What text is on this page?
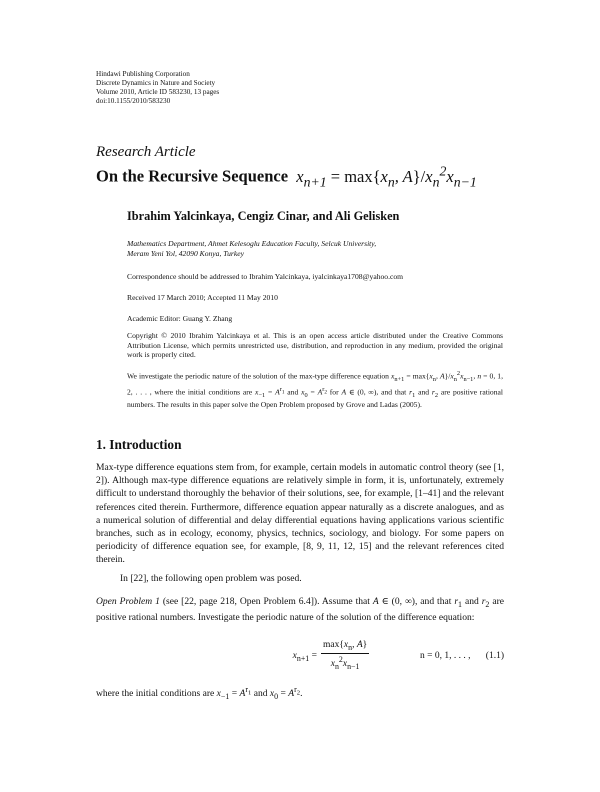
Hindawi Publishing Corporation
Discrete Dynamics in Nature and Society
Volume 2010, Article ID 583230, 13 pages
doi:10.1155/2010/583230
Research Article
On the Recursive Sequence  $x_{n+1} = \max\{x_n$, $A\}/x_n^2x_{n-1}$
Ibrahim Yalcinkaya, Cengiz Cinar, and Ali Gelisken
Mathematics Department, Ahmet Kelesoglu Education Faculty, Selcuk University,
Meram Yeni Yol, 42090 Konya, Turkey
Correspondence should be addressed to Ibrahim Yalcinkaya, iyalcinkaya1708@yahoo.com
Received 17 March 2010; Accepted 11 May 2010
Academic Editor: Guang Y. Zhang
Copyright © 2010 Ibrahim Yalcinkaya et al. This is an open access article distributed under the Creative Commons Attribution License, which permits unrestricted use, distribution, and reproduction in any medium, provided the original work is properly cited.
We investigate the periodic nature of the solution of the max-type difference equation $x_{n+1} = \max\{x_n$, $A\}/x_n^2x_{n-1}$, n = 0, 1, 2, . . . , where the initial conditions are $x_{-1} = A^{r_1}$ and $x_0 = A^{r_2}$ for A ∈ (0, ∞), and that $r_1$ and $r_2$ are positive rational numbers. The results in this paper solve the Open Problem proposed by Grove and Ladas (2005).
1. Introduction
Max-type difference equations stem from, for example, certain models in automatic control theory (see [1, 2]). Although max-type difference equations are relatively simple in form, it is, unfortunately, extremely difficult to understand thoroughly the behavior of their solutions, see, for example, [1–41] and the relevant references cited therein. Furthermore, difference equation appear naturally as a discrete analogues, and as a numerical solution of differential and delay differential equations having applications various scientific branches, such as in ecology, economy, physics, technics, sociology, and biology. For some papers on periodicity of difference equation see, for example, [8, 9, 11, 12, 15] and the relevant references cited therein.
In [22], the following open problem was posed.
Open Problem 1 (see [22, page 218, Open Problem 6.4]). Assume that A ∈ (0, ∞), and that $r_1$ and $r_2$ are positive rational numbers. Investigate the periodic nature of the solution of the difference equation:
$x_{n+1}$ =
$\max\{x_n$, A}
$x_n^2x_{n-1}$
n = 0, 1, . . . , (1.1)
where the initial conditions are $x_{-1} = A^{r_1}$ and $x_0 = A^{r_2}$.
